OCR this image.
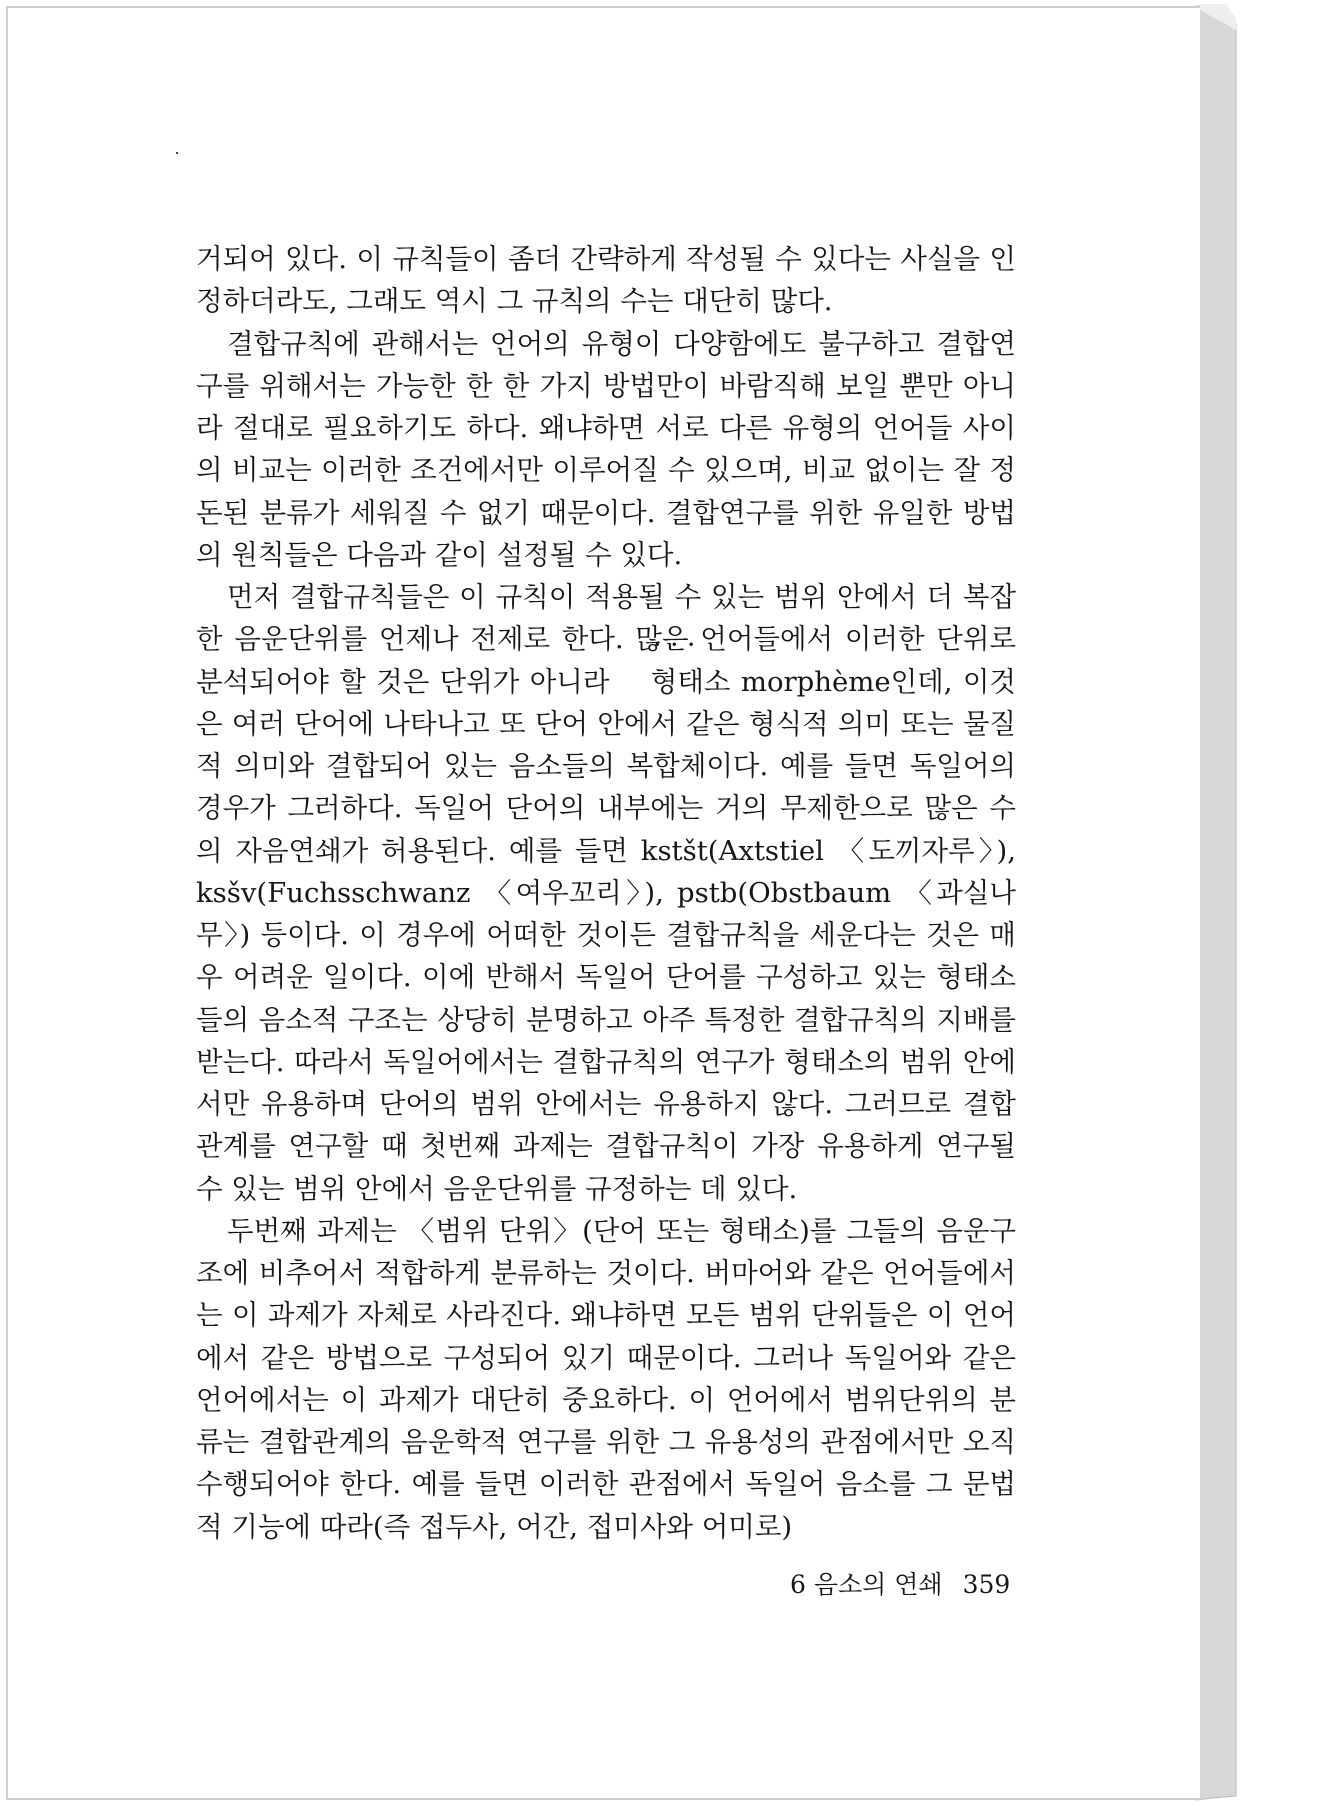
거되어 있다. 이 규칙들이 좀더 간략하게 작성될 수 있다는 사실을 인정하더라도, 그래도 역시 그 규칙의 수는 대단히 많다.

결합규칙에 관해서는 언어의 유형이 다양함에도 불구하고 결합연구를 위해서는 가능한 한 한 가지 방법만이 바람직해 보일 뿐만 아니라 절대로 필요하기도 하다. 왜냐하면 서로 다른 유형의 언어들 사이의 비교는 이러한 조건에서만 이루어질 수 있으며, 비교 없이는 잘 정돈된 분류가 세워질 수 없기 때문이다. 결합연구를 위한 유일한 방법의 원칙들은 다음과 같이 설정될 수 있다.

먼저 결합규칙들은 이 규칙이 적용될 수 있는 범위 안에서 더 복잡한 음운단위를 언제나 전제로 한다. 많은 언어들에서 이러한 단위로 분석되어야 할 것은 단위가 아니라 • • • 형태소 morphème인데, 이것은 여러 단어에 나타나고 또 단어 안에서 같은 형식적 의미 또는 물질적 의미와 결합되어 있는 음소들의 복합체이다. 예를 들면 독일어의 경우가 그러하다. 독일어 단어의 내부에는 거의 무제한으로 많은 수의 자음연쇄가 허용된다. 예를 들면 kstšt(Axtstiel 〈도끼자루〉), ksšv(Fuchsschwanz 〈여우꼬리〉), pstb(Obstbaum 〈과실나무〉) 등이다. 이 경우에 어떠한 것이든 결합규칙을 세운다는 것은 매우 어려운 일이다. 이에 반해서 독일어 단어를 구성하고 있는 형태소들의 음소적 구조는 상당히 분명하고 아주 특정한 결합규칙의 지배를 받는다. 따라서 독일어에서는 결합규칙의 연구가 형태소의 범위 안에서만 유용하며 단어의 범위 안에서는 유용하지 않다. 그러므로 결합관계를 연구할 때 첫번째 과제는 결합규칙이 가장 유용하게 연구될 수 있는 범위 안에서 음운단위를 규정하는 데 있다.

두번째 과제는 〈범위 단위〉(단어 또는 형태소)를 그들의 음운구조에 비추어서 적합하게 분류하는 것이다. 버마어와 같은 언어들에서는 이 과제가 자체로 사라진다. 왜냐하면 모든 범위 단위들은 이 언어에서 같은 방법으로 구성되어 있기 때문이다. 그러나 독일어와 같은 언어에서는 이 과제가 대단히 중요하다. 이 언어에서 범위단위의 분류는 결합관계의 음운학적 연구를 위한 그 유용성의 관점에서만 오직 수행되어야 한다. 예를 들면 이러한 관점에서 독일어 음소를 그 문법적 기능에 따라(즉 접두사, 어간, 접미사와 어미로)

6 음소의 연쇄 359
